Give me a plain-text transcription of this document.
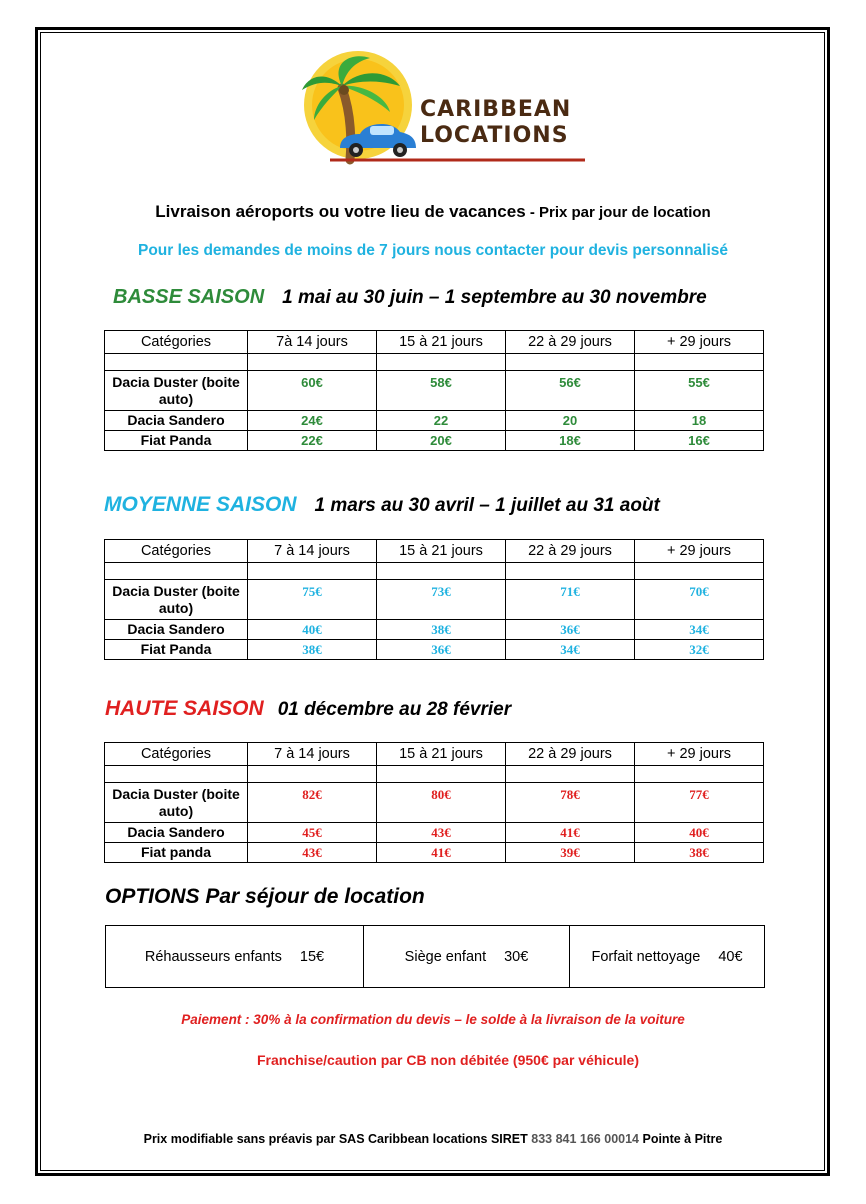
CARIBBEAN
LOCATIONS
Livraison aéroports ou votre lieu de vacances - Prix par jour de location
Pour les demandes de moins de 7 jours nous contacter pour devis personnalisé
BASSE SAISON 1 mai au 30 juin – 1 septembre au 30 novembre
Catégories	7à 14 jours	15 à 21 jours	22 à 29 jours	+ 29 jours

Dacia Duster (boite auto)	60€	58€	56€	55€
Dacia Sandero	24€	22	20	18
Fiat Panda	22€	20€	18€	16€
MOYENNE SAISON 1 mars au 30 avril – 1 juillet au 31 aoùt
Catégories	7 à 14 jours	15 à 21 jours	22 à 29 jours	+ 29 jours

Dacia Duster (boite auto)	75€	73€	71€	70€
Dacia Sandero	40€	38€	36€	34€
Fiat Panda	38€	36€	34€	32€
HAUTE SAISON 01 décembre au 28 février
Catégories	7 à 14 jours	15 à 21 jours	22 à 29 jours	+ 29 jours

Dacia Duster (boite auto)	82€	80€	78€	77€
Dacia Sandero	45€	43€	41€	40€
Fiat panda	43€	41€	39€	38€
OPTIONS Par séjour de location
Réhausseurs enfants 15€	Siège enfant 30€	Forfait nettoyage 40€
Paiement : 30% à la confirmation du devis – le solde à la livraison de la voiture
Franchise/caution par CB non débitée (950€ par véhicule)
Prix modifiable sans préavis par SAS Caribbean locations SIRET 833 841 166 00014 Pointe à Pitre
